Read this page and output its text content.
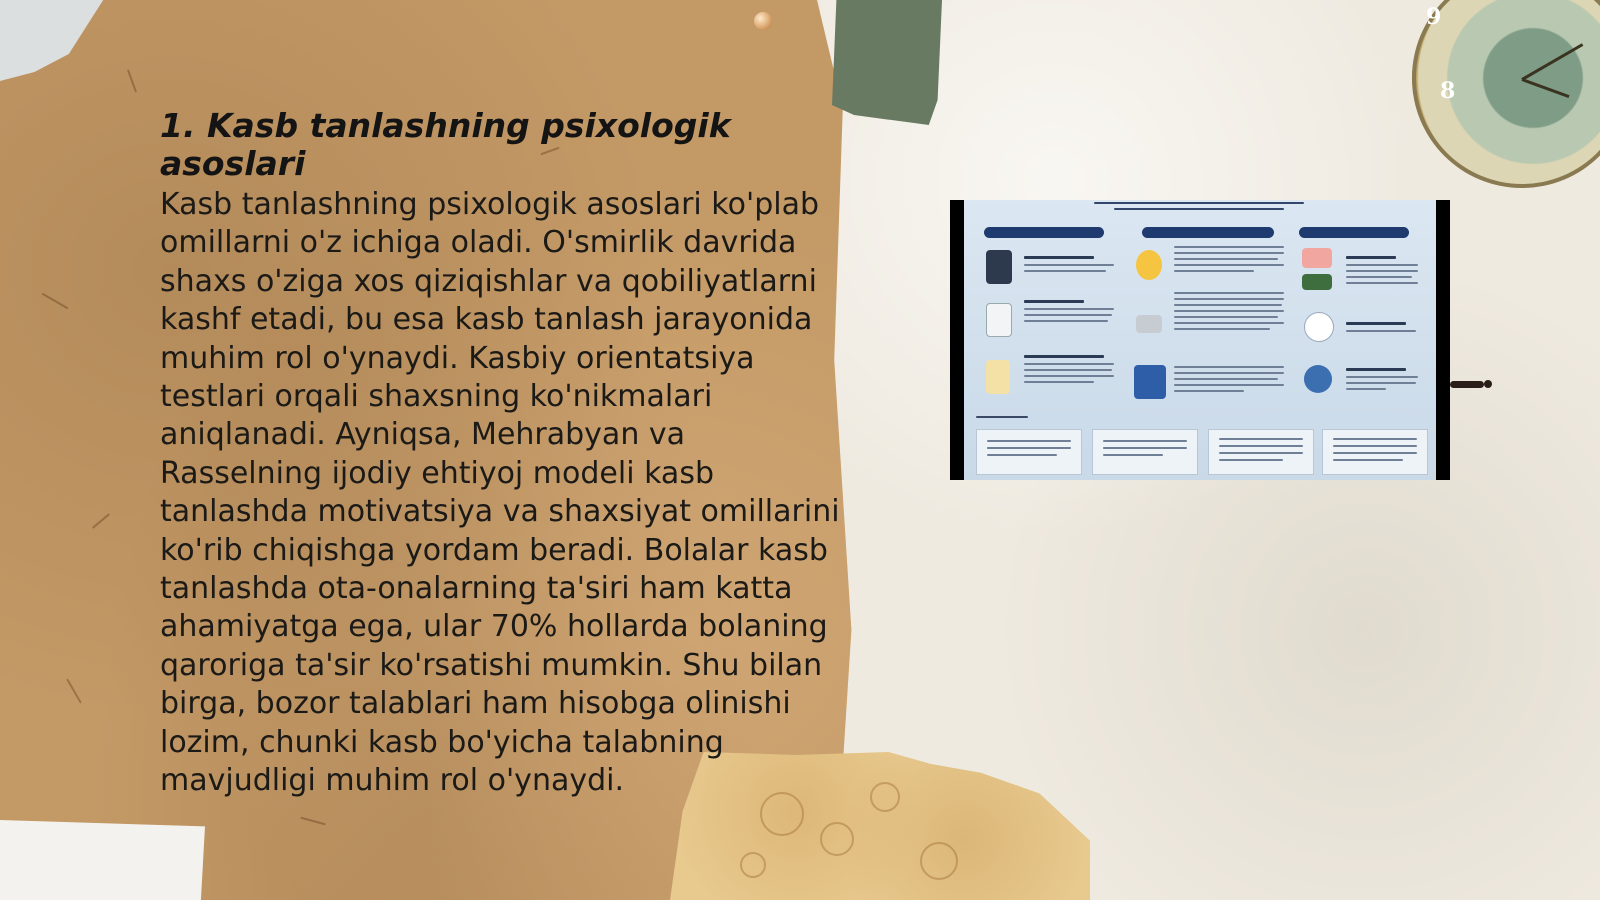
9
8
1. Kasb tanlashning psixologik asoslari

Kasb tanlashning psixologik asoslari ko'plab omillarni o'z ichiga oladi. O'smirlik davrida shaxs o'ziga xos qiziqishlar va qobiliyatlarni kashf etadi, bu esa kasb tanlash jarayonida muhim rol o'ynaydi. Kasbiy orientatsiya testlari orqali shaxsning ko'nikmalari aniqlanadi. Ayniqsa, Mehrabyan va Rasselning ijodiy ehtiyoj modeli kasb tanlashda motivatsiya va shaxsiyat omillarini ko'rib chiqishga yordam beradi. Bolalar kasb tanlashda ota-onalarning ta'siri ham katta ahamiyatga ega, ular 70% hollarda bolaning qaroriga ta'sir ko'rsatishi mumkin. Shu bilan birga, bozor talablari ham hisobga olinishi lozim, chunki kasb bo'yicha talabning mavjudligi muhim rol o'ynaydi.
